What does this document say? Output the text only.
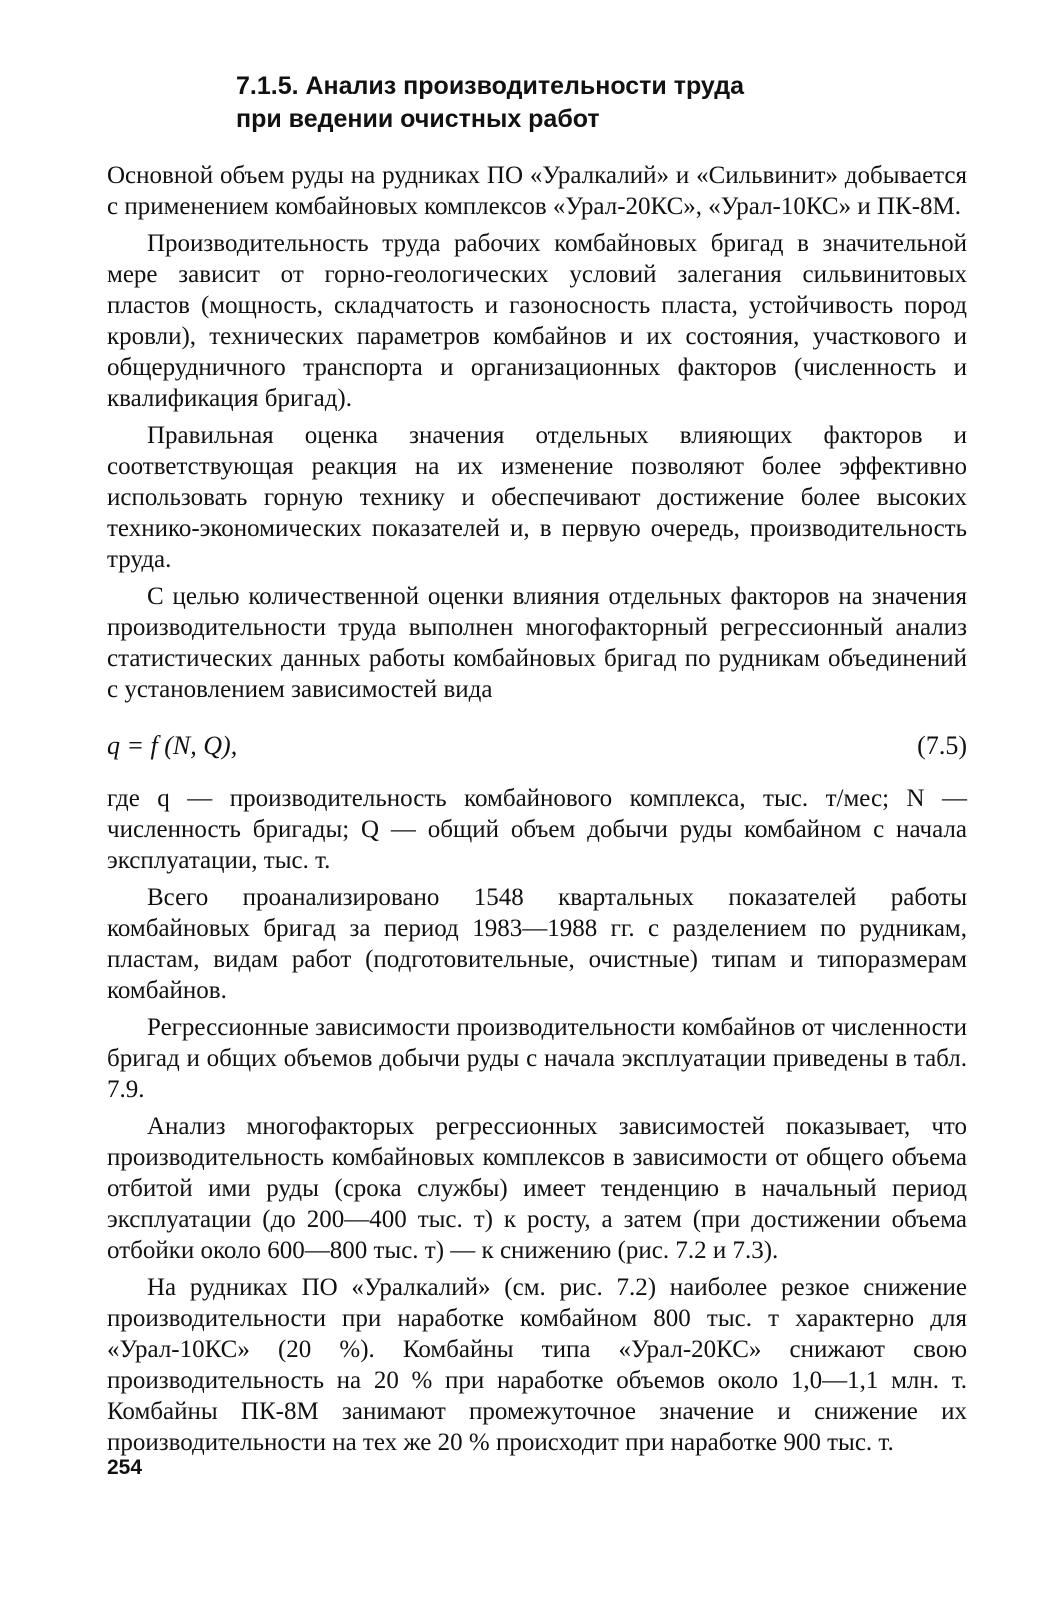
7.1.5. Анализ производительности труда
при ведении очистных работ
Основной объем руды на рудниках ПО «Уралкалий» и «Сильвинит» добывается с применением комбайновых комплексов «Урал-20КС», «Урал-10КС» и ПК-8М.
Производительность труда рабочих комбайновых бригад в значительной мере зависит от горно-геологических условий залегания сильвинитовых пластов (мощность, складчатость и газоносность пласта, устойчивость пород кровли), технических параметров комбайнов и их состояния, участкового и общерудничного транспорта и организационных факторов (численность и квалификация бригад).
Правильная оценка значения отдельных влияющих факторов и соответствующая реакция на их изменение позволяют более эффективно использовать горную технику и обеспечивают достижение более высоких технико-экономических показателей и, в первую очередь, производительность труда.
С целью количественной оценки влияния отдельных факторов на значения производительности труда выполнен многофакторный регрессионный анализ статистических данных работы комбайновых бригад по рудникам объединений с установлением зависимостей вида
q = f (N, Q),	(7.5)
где q — производительность комбайнового комплекса, тыс. т/мес; N — численность бригады; Q — общий объем добычи руды комбайном с начала эксплуатации, тыс. т.
Всего проанализировано 1548 квартальных показателей работы комбайновых бригад за период 1983—1988 гг. с разделением по рудникам, пластам, видам работ (подготовительные, очистные) типам и типоразмерам комбайнов.
Регрессионные зависимости производительности комбайнов от численности бригад и общих объемов добычи руды с начала эксплуатации приведены в табл. 7.9.
Анализ многофакторых регрессионных зависимостей показывает, что производительность комбайновых комплексов в зависимости от общего объема отбитой ими руды (срока службы) имеет тенденцию в начальный период эксплуатации (до 200—400 тыс. т) к росту, а затем (при достижении объема отбойки около 600—800 тыс. т) — к снижению (рис. 7.2 и 7.3).
На рудниках ПО «Уралкалий» (см. рис. 7.2) наиболее резкое снижение производительности при наработке комбайном 800 тыс. т характерно для «Урал-10КС» (20 %). Комбайны типа «Урал-20КС» снижают свою производительность на 20 % при наработке объемов около 1,0—1,1 млн. т. Комбайны ПК-8М занимают промежуточное значение и снижение их производительности на тех же 20 % происходит при наработке 900 тыс. т.
254
